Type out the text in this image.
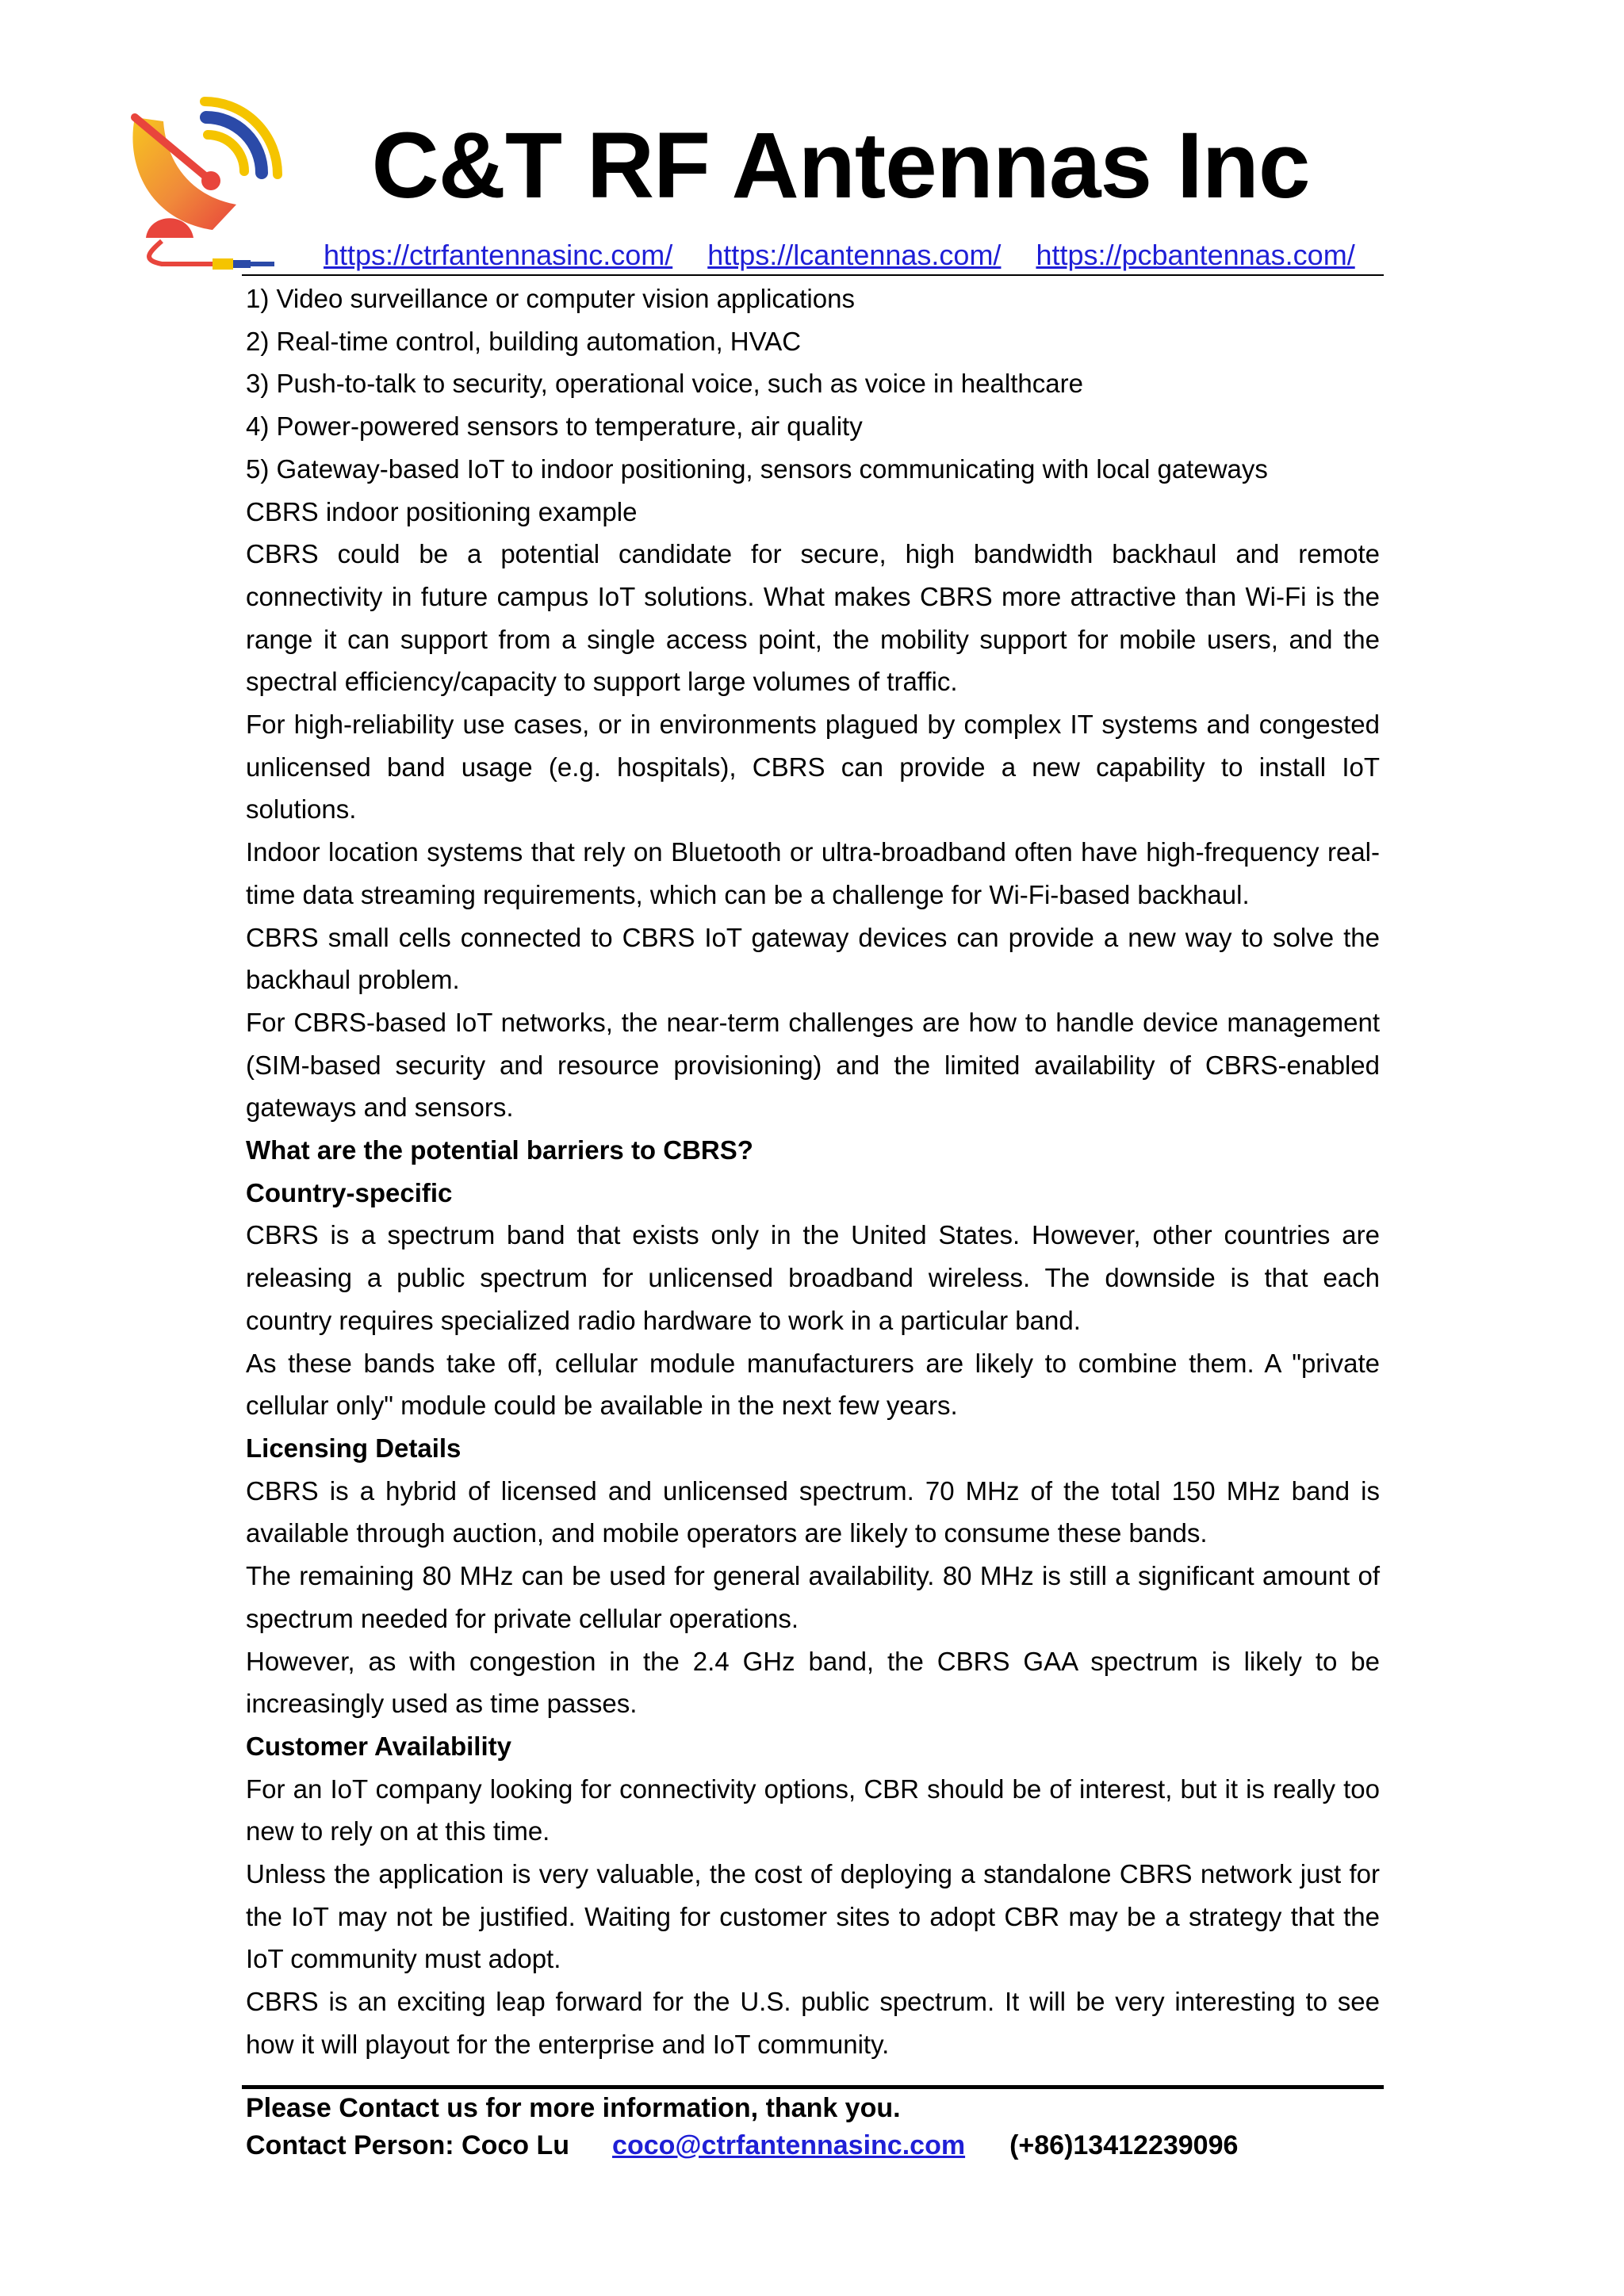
C&T RF Antennas Inc
https://ctrfantennasinc.com/ https://lcantennas.com/ https://pcbantennas.com/

1) Video surveillance or computer vision applications

2) Real-time control, building automation, HVAC

3) Push-to-talk to security, operational voice, such as voice in healthcare

4) Power-powered sensors to temperature, air quality

5) Gateway-based IoT to indoor positioning, sensors communicating with local gateways

CBRS indoor positioning example

CBRS could be a potential candidate for secure, high bandwidth backhaul and remote connectivity in future campus IoT solutions. What makes CBRS more attractive than Wi-Fi is the range it can support from a single access point, the mobility support for mobile users, and the spectral efficiency/capacity to support large volumes of traffic.

For high-reliability use cases, or in environments plagued by complex IT systems and congested unlicensed band usage (e.g. hospitals), CBRS can provide a new capability to install IoT solutions.

Indoor location systems that rely on Bluetooth or ultra-broadband often have high-frequency real-time data streaming requirements, which can be a challenge for Wi-Fi-based backhaul.

CBRS small cells connected to CBRS IoT gateway devices can provide a new way to solve the backhaul problem.

For CBRS-based IoT networks, the near-term challenges are how to handle device management (SIM-based security and resource provisioning) and the limited availability of CBRS-enabled gateways and sensors.

What are the potential barriers to CBRS?

Country-specific

CBRS is a spectrum band that exists only in the United States. However, other countries are releasing a public spectrum for unlicensed broadband wireless. The downside is that each country requires specialized radio hardware to work in a particular band.

As these bands take off, cellular module manufacturers are likely to combine them. A "private cellular only" module could be available in the next few years.

Licensing Details

CBRS is a hybrid of licensed and unlicensed spectrum. 70 MHz of the total 150 MHz band is available through auction, and mobile operators are likely to consume these bands.

The remaining 80 MHz can be used for general availability. 80 MHz is still a significant amount of spectrum needed for private cellular operations.

However, as with congestion in the 2.4 GHz band, the CBRS GAA spectrum is likely to be increasingly used as time passes.

Customer Availability

For an IoT company looking for connectivity options, CBR should be of interest, but it is really too new to rely on at this time.

Unless the application is very valuable, the cost of deploying a standalone CBRS network just for the IoT may not be justified. Waiting for customer sites to adopt CBR may be a strategy that the IoT community must adopt.

CBRS is an exciting leap forward for the U.S. public spectrum. It will be very interesting to see how it will playout for the enterprise and IoT community.

Please Contact us for more information, thank you.
Contact Person: Coco Lu coco@ctrfantennasinc.com (+86)13412239096
